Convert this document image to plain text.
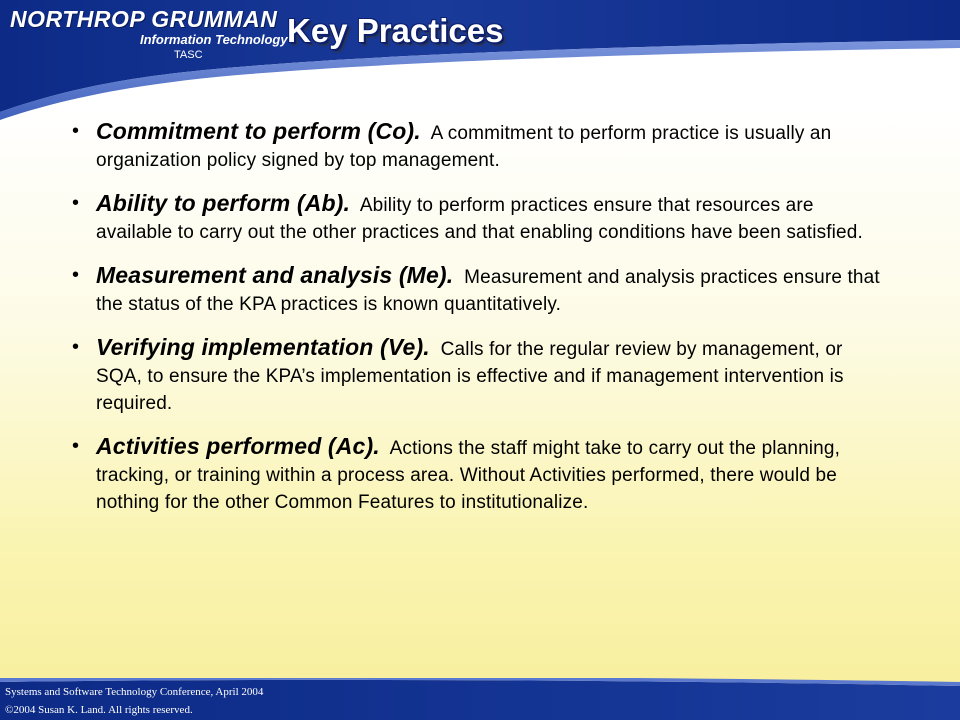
NORTHROP GRUMMAN
Information Technology
TASC
Key Practices
• Commitment to perform (Co). A commitment to perform practice is usually an organization policy signed by top management.
• Ability to perform (Ab). Ability to perform practices ensure that resources are available to carry out the other practices and that enabling conditions have been satisfied.
• Measurement and analysis (Me). Measurement and analysis practices ensure that the status of the KPA practices is known quantitatively.
• Verifying implementation (Ve). Calls for the regular review by management, or SQA, to ensure the KPA’s implementation is effective and if management intervention is required.
• Activities performed (Ac). Actions the staff might take to carry out the planning, tracking, or training within a process area. Without Activities performed, there would be nothing for the other Common Features to institutionalize.
Systems and Software Technology Conference, April 2004
©2004 Susan K. Land. All rights reserved.
